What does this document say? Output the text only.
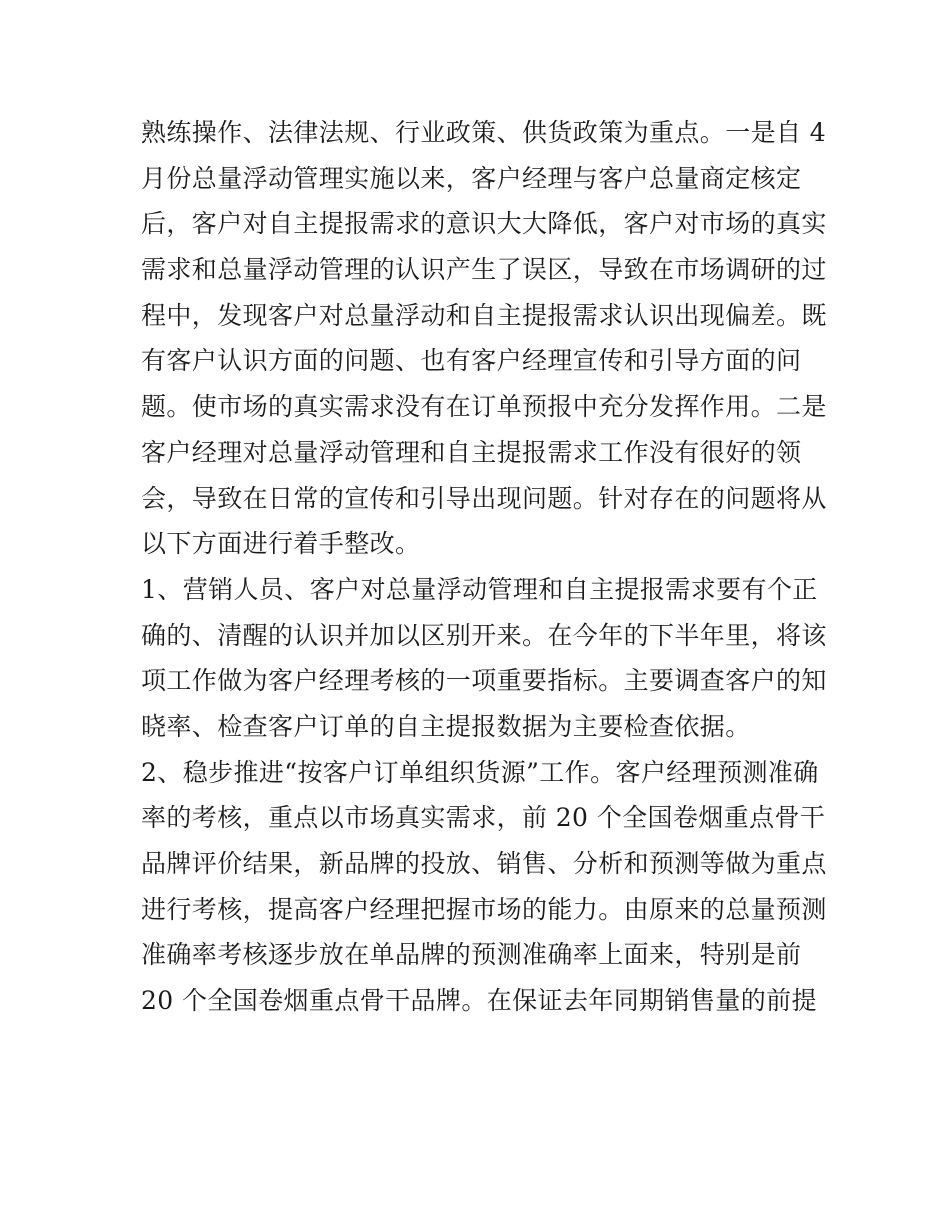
熟练操作、法律法规、行业政策、供货政策为重点。一是自 4
月份总量浮动管理实施以来，客户经理与客户总量商定核定
后，客户对自主提报需求的意识大大降低，客户对市场的真实
需求和总量浮动管理的认识产生了误区，导致在市场调研的过
程中，发现客户对总量浮动和自主提报需求认识出现偏差。既
有客户认识方面的问题、也有客户经理宣传和引导方面的问
题。使市场的真实需求没有在订单预报中充分发挥作用。二是
客户经理对总量浮动管理和自主提报需求工作没有很好的领
会，导致在日常的宣传和引导出现问题。针对存在的问题将从
以下方面进行着手整改。

1、营销人员、客户对总量浮动管理和自主提报需求要有个正
确的、清醒的认识并加以区别开来。在今年的下半年里，将该
项工作做为客户经理考核的一项重要指标。主要调查客户的知
晓率、检查客户订单的自主提报数据为主要检查依据。

2、稳步推进“按客户订单组织货源”工作。客户经理预测准确
率的考核，重点以市场真实需求，前 20 个全国卷烟重点骨干
品牌评价结果，新品牌的投放、销售、分析和预测等做为重点
进行考核，提高客户经理把握市场的能力。由原来的总量预测
准确率考核逐步放在单品牌的预测准确率上面来，特别是前
20 个全国卷烟重点骨干品牌。在保证去年同期销售量的前提
